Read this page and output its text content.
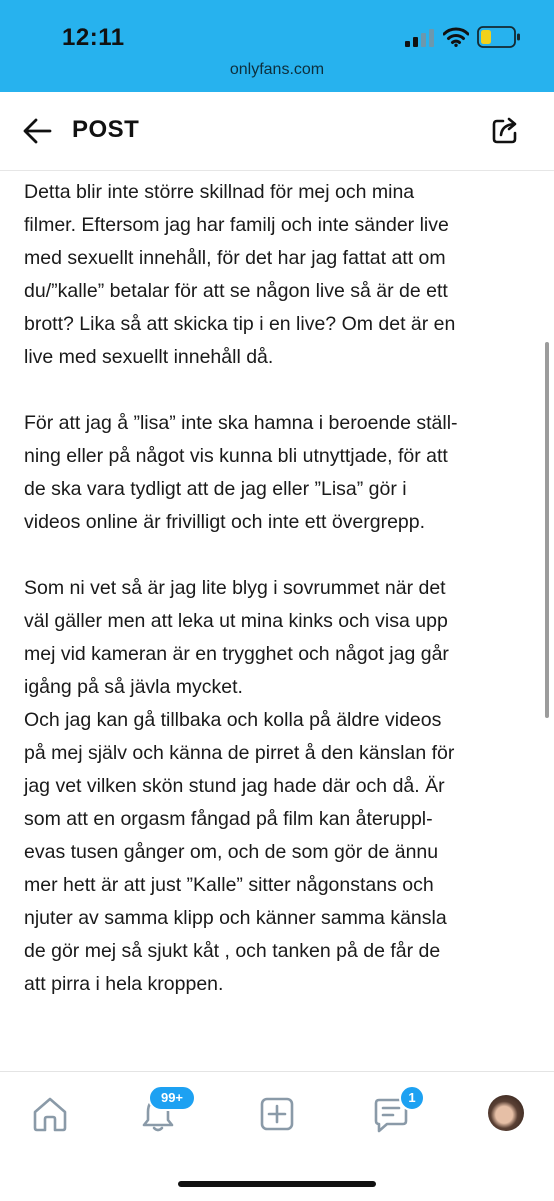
12:11
onlyfans.com
POST

Detta blir inte större skillnad för mej och mina
filmer. Eftersom jag har familj och inte sänder live
med sexuellt innehåll, för det har jag fattat att om
du/”kalle” betalar för att se någon live så är de ett
brott? Lika så att skicka tip i en live? Om det är en
live med sexuellt innehåll då.

För att jag å ”lisa” inte ska hamna i beroende ställ-
ning eller på något vis kunna bli utnyttjade, för att
de ska vara tydligt att de jag eller ”Lisa” gör i
videos online är frivilligt och inte ett övergrepp.

Som ni vet så är jag lite blyg i sovrummet när det
väl gäller men att leka ut mina kinks och visa upp
mej vid kameran är en trygghet och något jag går
igång på så jävla mycket.

Och jag kan gå tillbaka och kolla på äldre videos
på mej själv och känna de pirret å den känslan för
jag vet vilken skön stund jag hade där och då. Är
som att en orgasm fångad på film kan återuppl-
evas tusen gånger om, och de som gör de ännu
mer hett är att just ”Kalle” sitter någonstans och
njuter av samma klipp och känner samma känsla
de gör mej så sjukt kåt , och tanken på de får de
att pirra i hela kroppen.

99+	1
